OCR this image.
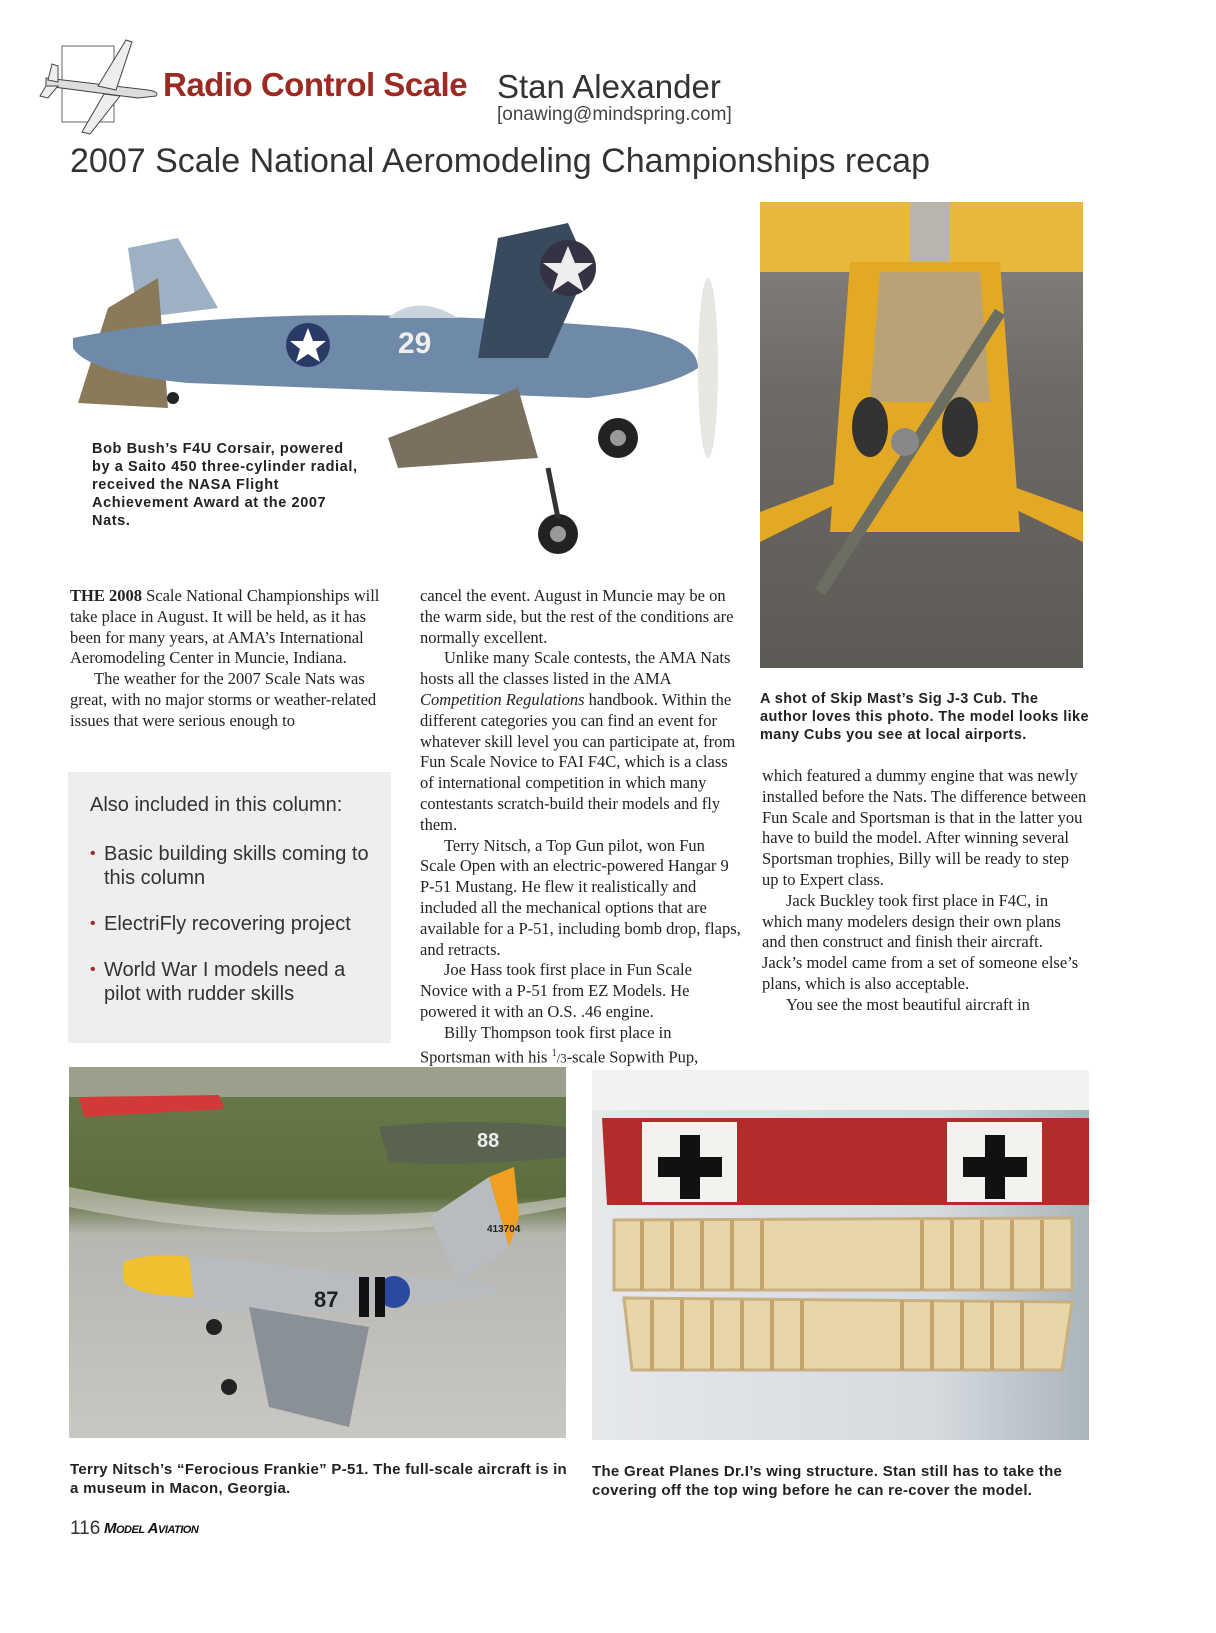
Radio Control Scale Stan Alexander
[onawing@mindspring.com]
2007 Scale National Aeromodeling Championships recap
29
Bob Bush’s F4U Corsair, powered by a Saito 450 three-cylinder radial, received the NASA Flight Achievement Award at the 2007 Nats.
A shot of Skip Mast’s Sig J-3 Cub. The author loves this photo. The model looks like many Cubs you see at local airports.

THE 2008 Scale National Championships will take place in August. It will be held, as it has been for many years, at AMA’s International Aeromodeling Center in Muncie, Indiana.

The weather for the 2007 Scale Nats was great, with no major storms or weather-related issues that were serious enough to

Also included in this column:
• Basic building skills coming to this column
• ElectriFly recovering project
• World War I models need a pilot with rudder skills

cancel the event. August in Muncie may be on the warm side, but the rest of the conditions are normally excellent.

Unlike many Scale contests, the AMA Nats hosts all the classes listed in the AMA Competition Regulations handbook. Within the different categories you can find an event for whatever skill level you can participate at, from Fun Scale Novice to FAI F4C, which is a class of international competition in which many contestants scratch-build their models and fly them.

Terry Nitsch, a Top Gun pilot, won Fun Scale Open with an electric-powered Hangar 9 P-51 Mustang. He flew it realistically and included all the mechanical options that are available for a P-51, including bomb drop, flaps, and retracts.

Joe Hass took first place in Fun Scale Novice with a P-51 from EZ Models. He powered it with an O.S. .46 engine.

Billy Thompson took first place in Sportsman with his $^1$/3-scale Sopwith Pup,

which featured a dummy engine that was newly installed before the Nats. The difference between Fun Scale and Sportsman is that in the latter you have to build the model. After winning several Sportsman trophies, Billy will be ready to step up to Expert class.

Jack Buckley took first place in F4C, in which many modelers design their own plans and then construct and finish their aircraft. Jack’s model came from a set of someone else’s plans, which is also acceptable.

You see the most beautiful aircraft in

88
87
413704
Terry Nitsch’s “Ferocious Frankie” P-51. The full-scale aircraft is in a museum in Macon, Georgia.
The Great Planes Dr.I’s wing structure. Stan still has to take the covering off the top wing before he can re-cover the model.
116 Model Aviation
